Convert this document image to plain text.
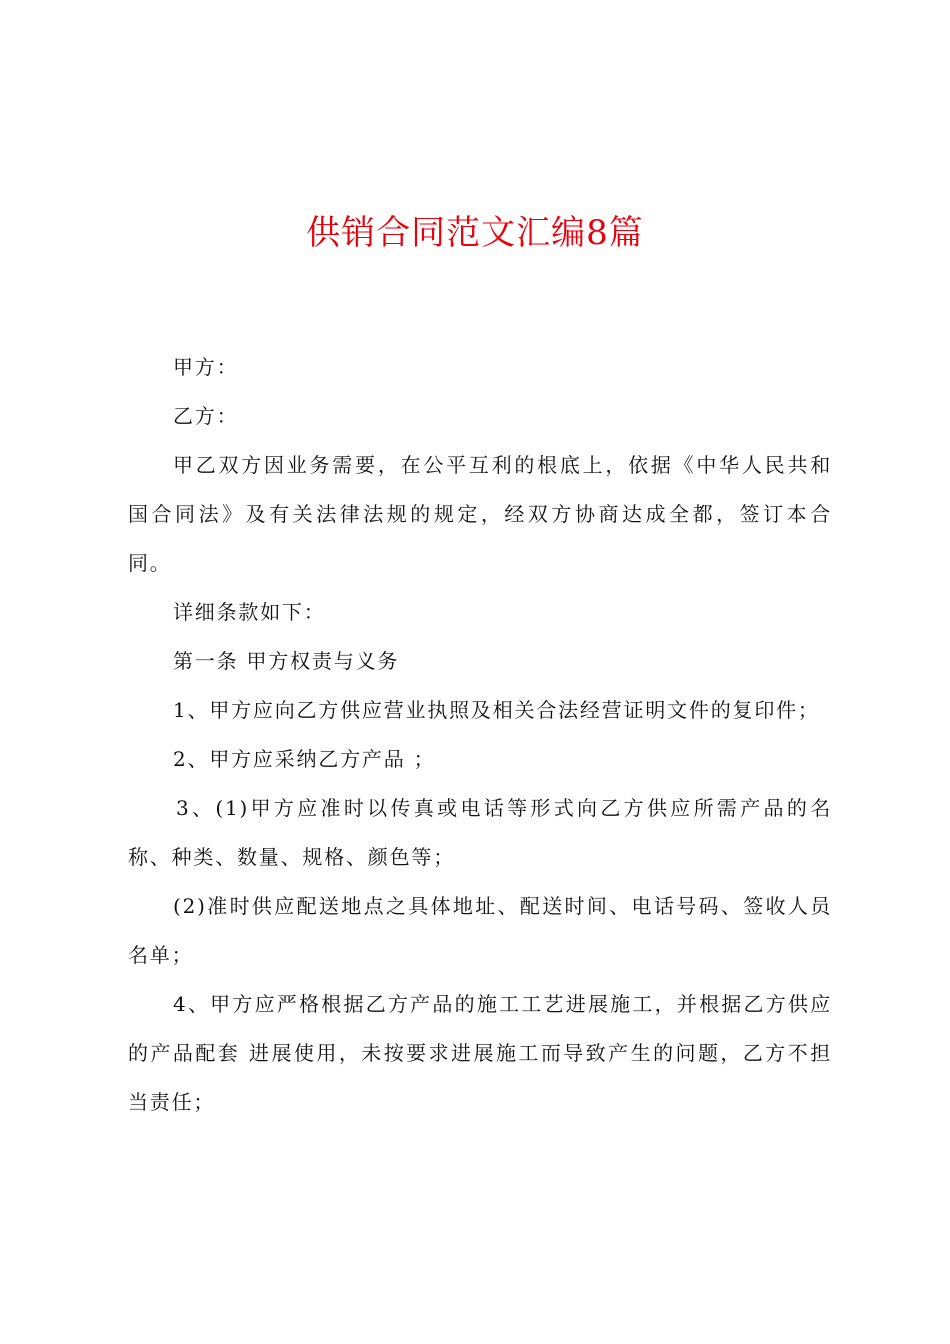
供销合同范文汇编8篇
甲方：
乙方：
甲乙双方因业务需要，在公平互利的根底上，依据《中华人民共和
国合同法》及有关法律法规的规定，经双方协商达成全都，签订本合
同。
详细条款如下：
第一条 甲方权责与义务
1、甲方应向乙方供应营业执照及相关合法经营证明文件的复印件；
2、甲方应采纳乙方产品 ；
3、(1)甲方应准时以传真或电话等形式向乙方供应所需产品的名
称、种类、数量、规格、颜色等；
(2)准时供应配送地点之具体地址、配送时间、电话号码、签收人员
名单；
4、甲方应严格根据乙方产品的施工工艺进展施工，并根据乙方供应
的产品配套 进展使用，未按要求进展施工而导致产生的问题，乙方不担
当责任；
